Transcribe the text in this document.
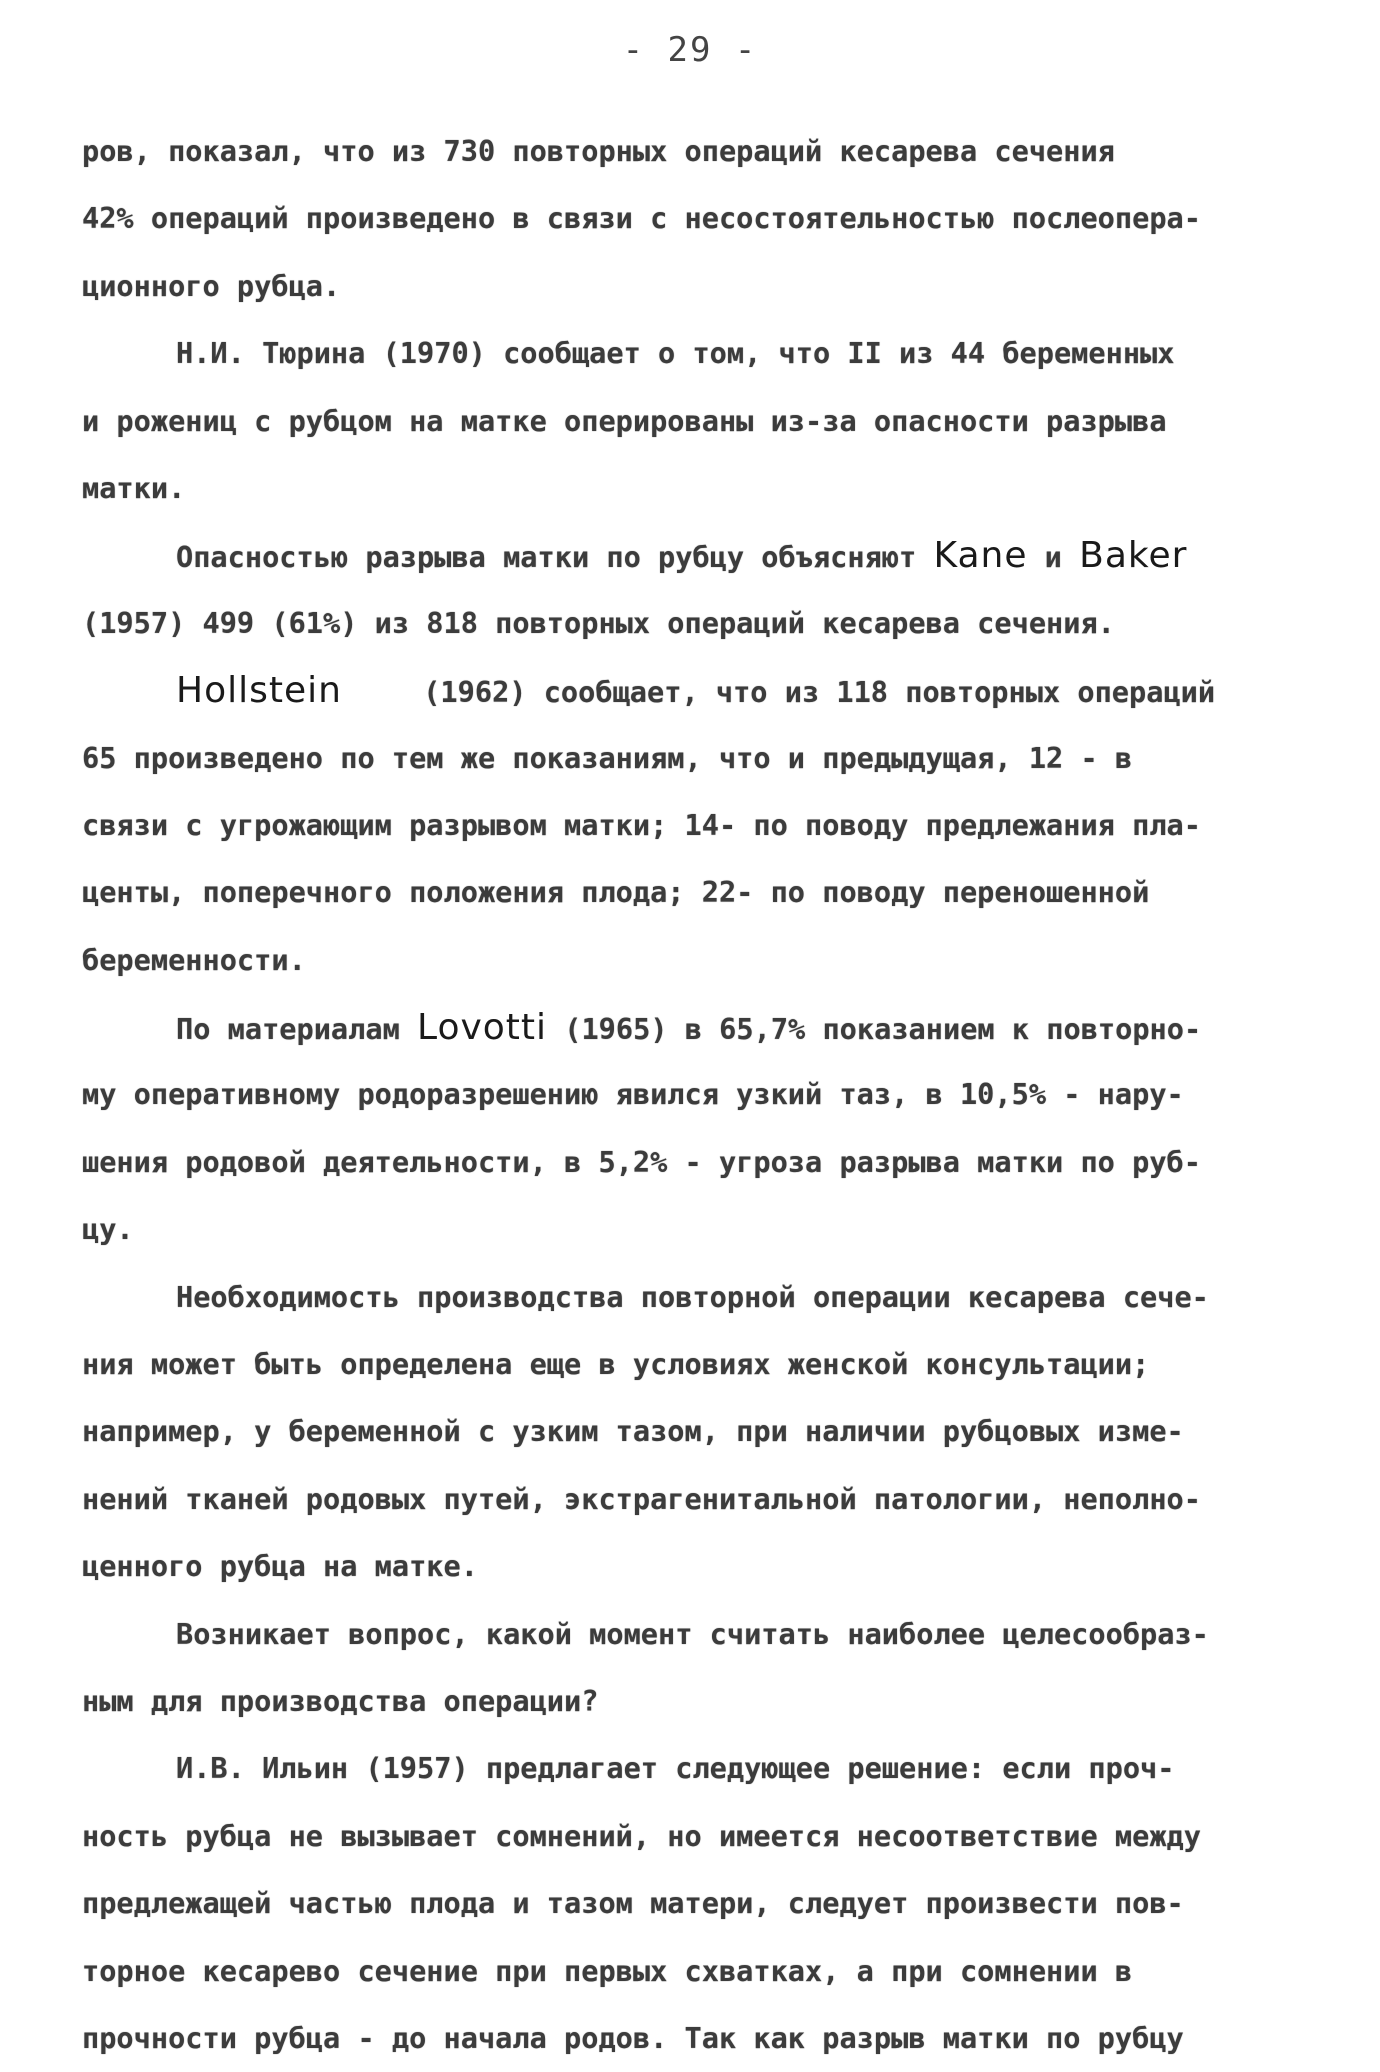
- 29 -
ров, показал, что из 730 повторных операций кесарева сечения
42% операций произведено в связи с несостоятельностью послеопера-
ционного рубца.
Н.И. Тюрина (1970) сообщает о том, что II из 44 беременных
и рожениц с рубцом на матке оперированы из-за опасности разрыва
матки.
Опасностью разрыва матки по рубцу объясняют Kane и Baker
(1957) 499 (61%) из 818 повторных операций кесарева сечения.
Hollstein (1962) сообщает, что из 118 повторных операций
65 произведено по тем же показаниям, что и предыдущая, 12 - в
связи с угрожающим разрывом матки; 14- по поводу предлежания пла-
центы, поперечного положения плода; 22- по поводу переношенной
беременности.
По материалам Lovotti (1965) в 65,7% показанием к повторно-
му оперативному родоразрешению явился узкий таз, в 10,5% - нару-
шения родовой деятельности, в 5,2% - угроза разрыва матки по руб-
цу.
Необходимость производства повторной операции кесарева сече-
ния может быть определена еще в условиях женской консультации;
например, у беременной с узким тазом, при наличии рубцовых изме-
нений тканей родовых путей, экстрагенитальной патологии, неполно-
ценного рубца на матке.
Возникает вопрос, какой момент считать наиболее целесообраз-
ным для производства операции?
И.В. Ильин (1957) предлагает следующее решение: если проч-
ность рубца не вызывает сомнений, но имеется несоответствие между
предлежащей частью плода и тазом матери, следует произвести пов-
торное кесарево сечение при первых схватках, а при сомнении в
прочности рубца - до начала родов. Так как разрыв матки по рубцу
